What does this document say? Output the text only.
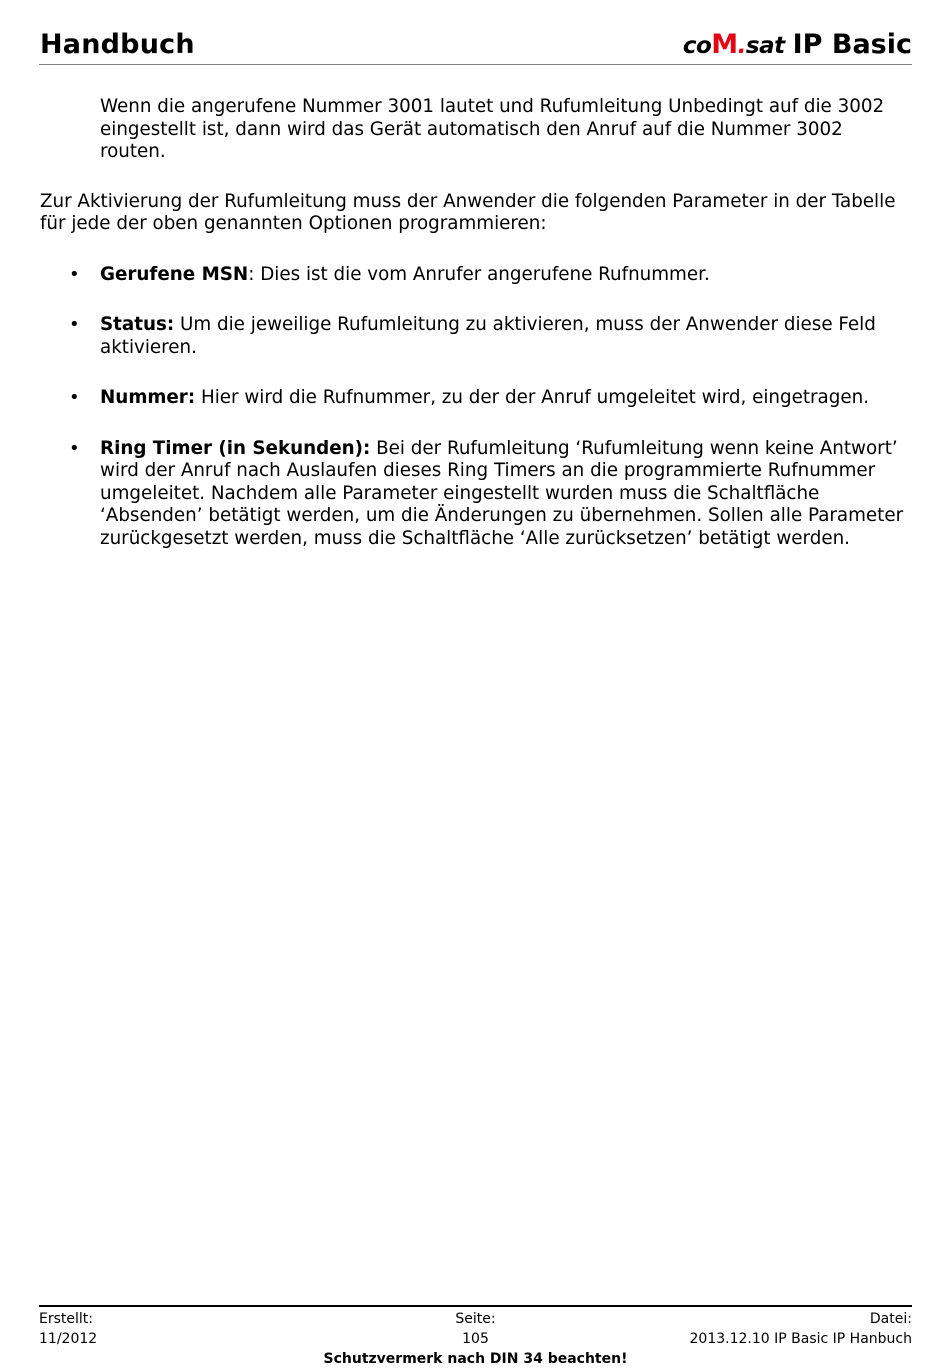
Handbuch	coM.sat IP Basic

Wenn die angerufene Nummer 3001 lautet und Rufumleitung Unbedingt auf die 3002 eingestellt ist, dann wird das Gerät automatisch den Anruf auf die Nummer 3002 routen.

Zur Aktivierung der Rufumleitung muss der Anwender die folgenden Parameter in der Tabelle für jede der oben genannten Optionen programmieren:

• Gerufene MSN: Dies ist die vom Anrufer angerufene Rufnummer.
• Status: Um die jeweilige Rufumleitung zu aktivieren, muss der Anwender diese Feld aktivieren.
• Nummer: Hier wird die Rufnummer, zu der der Anruf umgeleitet wird, eingetragen.
• Ring Timer (in Sekunden): Bei der Rufumleitung ‘Rufumleitung wenn keine Antwort’ wird der Anruf nach Auslaufen dieses Ring Timers an die programmierte Rufnummer umgeleitet. Nachdem alle Parameter eingestellt wurden muss die Schaltfläche ‘Absenden’ betätigt werden, um die Änderungen zu übernehmen. Sollen alle Parameter zurückgesetzt werden, muss die Schaltfläche ‘Alle zurücksetzen’ betätigt werden.
Erstellt:
11/2012
Seite:
105
Datei:
2013.12.10 IP Basic IP Hanbuch
Schutzvermerk nach DIN 34 beachten!
